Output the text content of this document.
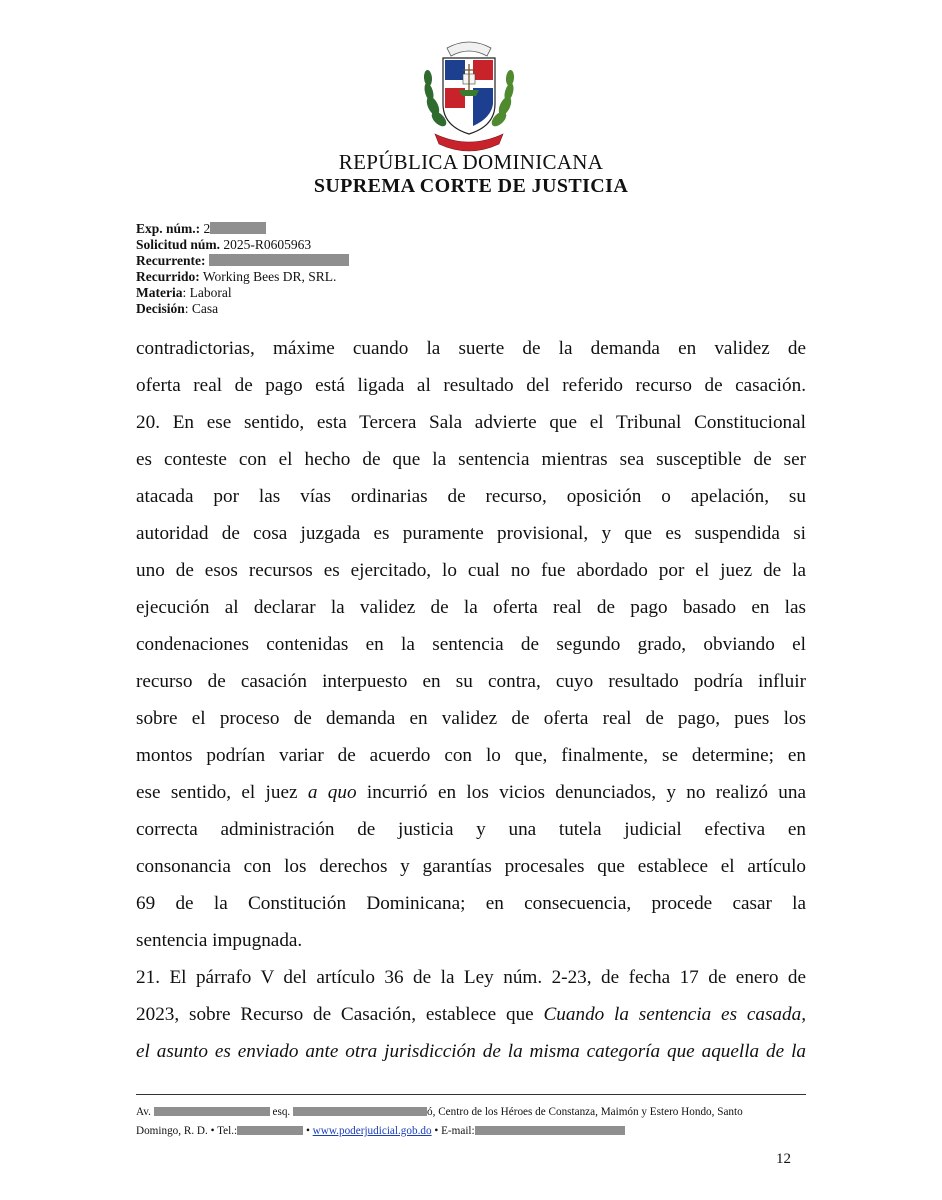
REPÚBLICA DOMINICANA
SUPREMA CORTE DE JUSTICIA
Exp. núm.: 2
Solicitud núm. 2025-R0605963
Recurrente:
Recurrido: Working Bees DR, SRL.
Materia: Laboral
Decisión: Casa

contradictorias, máxime cuando la suerte de la demanda en validez de

oferta real de pago está ligada al resultado del referido recurso de casación.

20. En ese sentido, esta Tercera Sala advierte que el Tribunal Constitucional

es conteste con el hecho de que la sentencia mientras sea susceptible de ser

atacada por las vías ordinarias de recurso, oposición o apelación, su

autoridad de cosa juzgada es puramente provisional, y que es suspendida si

uno de esos recursos es ejercitado, lo cual no fue abordado por el juez de la

ejecución al declarar la validez de la oferta real de pago basado en las

condenaciones contenidas en la sentencia de segundo grado, obviando el

recurso de casación interpuesto en su contra, cuyo resultado podría influir

sobre el proceso de demanda en validez de oferta real de pago, pues los

montos podrían variar de acuerdo con lo que, finalmente, se determine; en

ese sentido, el juez a quo incurrió en los vicios denunciados, y no realizó una

correcta administración de justicia y una tutela judicial efectiva en

consonancia con los derechos y garantías procesales que establece el artículo

69 de la Constitución Dominicana; en consecuencia, procede casar la

sentencia impugnada.

21. El párrafo V del artículo 36 de la Ley núm. 2-23, de fecha 17 de enero de

2023, sobre Recurso de Casación, establece que Cuando la sentencia es casada,

el asunto es enviado ante otra jurisdicción de la misma categoría que aquella de la

Av.	esq.	ó, Centro de los Héroes de Constanza, Maimón y Estero Hondo, Santo
Domingo, R. D. • Tel.:	• www.poderjudicial.gob.do • E-mail:
12
